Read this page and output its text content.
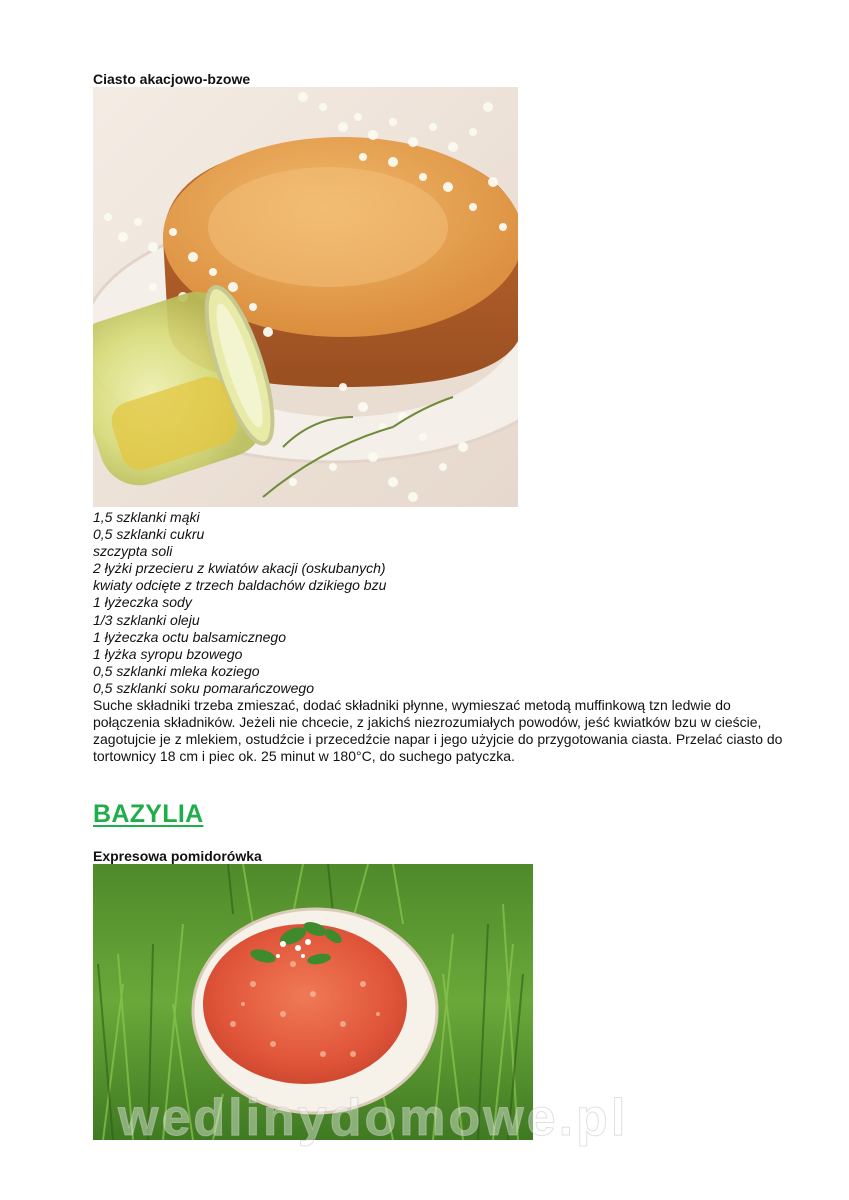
Ciasto akacjowo-bzowe
1,5 szklanki mąki
0,5 szklanki cukru
szczypta soli
2 łyżki przecieru z kwiatów akacji (oskubanych)
kwiaty odcięte z trzech baldachów dzikiego bzu
1 łyżeczka sody
1/3 szklanki oleju
1 łyżeczka octu balsamicznego
1 łyżka syropu bzowego
0,5 szklanki mleka koziego
0,5 szklanki soku pomarańczowego

Suche składniki trzeba zmieszać, dodać składniki płynne, wymieszać metodą muffinkową tzn ledwie do połączenia składników. Jeżeli nie chcecie, z jakichś niezrozumiałych powodów, jeść kwiatków bzu w cieście, zagotujcie je z mlekiem, ostudźcie i przecedźcie napar i jego użyjcie do przygotowania ciasta. Przelać ciasto do tortownicy 18 cm i piec ok. 25 minut w 180°C, do suchego patyczka.

BAZYLIA
Expresowa pomidorówka
wedlinydomowe.pl
